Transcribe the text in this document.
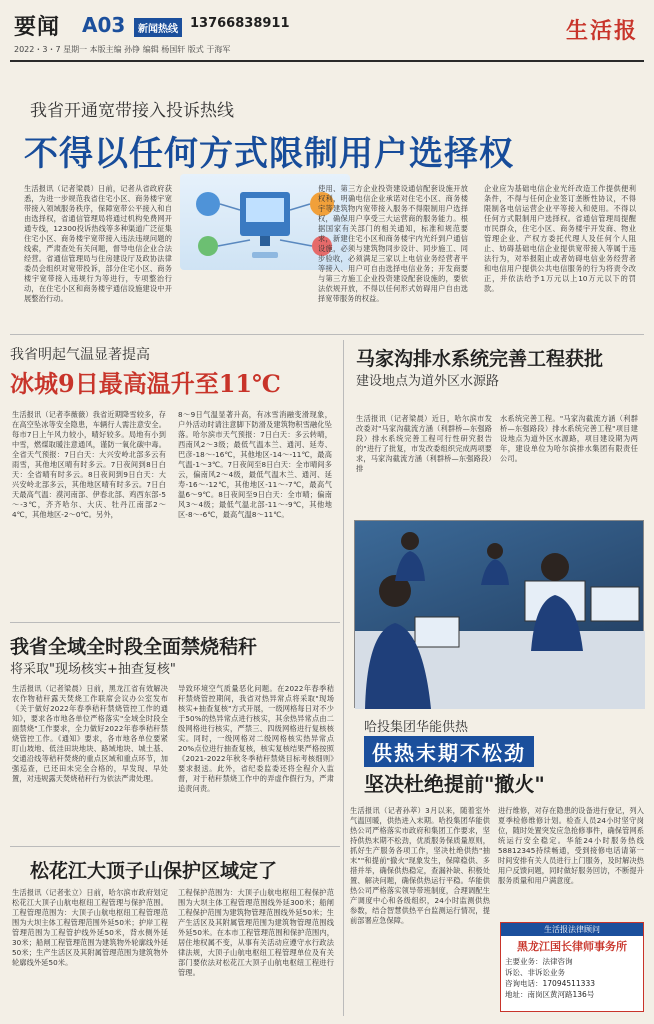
要闻 A03	新闻热线 13766838911
2022・3・7 星期一 本版主编 孙铮 编辑 杨国轩 版式 于海军
生活报
我省开通宽带接入投诉热线
不得以任何方式限制用户选择权
生活报讯（记者梁晨）日前，记者从省政府获悉，为进一步规范我省住宅小区、商务楼宇宽带接入领域服务秩序，保障宽带公平接入和自由选择权，省通信管理局将通过机构免费网开通专线，12300投诉热线等多种渠道广泛征集住宅小区、商务楼宇宽带接入违法违规问题的线索，严肃查处有关问题，督导电信企业合法经营。省通信管理局与住房建设厅及政协法律委员会组织对宽带投诉，部分住宅小区、商务楼宇宽带接入违规行为等进行，专项整治行动，在住宅小区和商务楼宇通信设施建设中开展整治行动。
使用、第三方企业投资建设通信配套设施开放权利，明确电信企业承诺对住宅小区、商务楼宇等建筑物内宽带接入服务不得限制用户选择权，确保用户享受三大运营商的服务能力。根据国家有关部门的相关通知，标准和规范要求，新建住宅小区和商务楼宇内光纤到户通信设施，必须与建筑物同步设计、同步施工、同步验收，必须满足三家以上电信业务经营者平等接入、用户可自由选择电信业务；开发商要与第三方施工企业投资建设配套设施的，要依法依规开放，不得以任何形式妨碍用户自由选择宽带服务的权益。
企业应为基础电信企业光纤改造工作提供便利条件，不得与任何企业签订垄断性协议，不得限制各电信运营企业平等接入和使用。不得以任何方式限制用户选择权。省通信管理局提醒市民群众，住宅小区、商务楼宇开发商、物业管理企业、产权方委托代理人及任何个人阻止、妨碍基础电信企业提供宽带接入等属于违法行为，对举报阻止或者妨碍电信业务经营者和电信用户提供公共电信服务的行为将责令改正，并依法给予1万元以上10万元以下的罚款。
我省明起气温显著提高
冰城9日最高温升至11℃
生活报讯（记者李薇薇）我省近期降雪较多，存在高空坠冰等安全隐患，车辆行人需注意安全。每市7日上午风力较小，晴好较多。局地有小到中雪，燃煤取暖注意通风，谨防一氧化碳中毒。全省天气预报：7日白天：大兴安岭北部多云有雨雪，其他地区晴有时多云。7日夜间到8日白天：全省晴有时多云。8日夜间到9日白天：大兴安岭北部多云，其他地区晴有时多云。7日白天最高气温：漠河南部、伊春北部、鸡西东部-5～-3℃，齐齐哈尔、大庆、牡丹江南部2～4℃，其他地区-2～0℃。另外，
8～9日气温显著升高，有冰雪消融变滑现象，户外活动时请注意脚下防滑及建筑物积雪融化坠落。哈尔滨市天气预报：7日白天：多云转晴，西南风2～3级；最低气温本兰、通河、延寿、巴彦-18～-16℃，其他地区-14～-11℃，最高气温-1～3℃。7日夜间至8日白天：全市晴间多云，偏南风2～4级，最低气温木兰、通河、延寿-16～-12℃，其他地区-11～-7℃，最高气温6～9℃。8日夜间至9日白天：全市晴；偏南风3～4级；最低气温北部-11～-9℃，其他地区-8～-6℃，最高气温8～11℃。
马家沟排水系统完善工程获批
建设地点为道外区水源路
生活报讯（记者梁晨）近日，哈尔滨市发改委对"马家沟截流方涵（利群桥—东强路段）排水系统完善工程可行性研究报告的"进行了批复，市发改委组织完成两项要求，马家沟截流方涵（利群桥—东强路段）排
水系统完善工程。"马家沟截流方涵（利群桥—东强路段）排水系统完善工程"项目建设地点为道外区水源路，项目建设期为两年，建设单位为哈尔滨排水集团有限责任公司。
哈投集团华能供热
供热末期不松劲
坚决杜绝提前"撤火"
生活报讯（记者孙萃）3月以来，随着室外气温回暖，供热进入末期。哈投集团华能供热公司严格落实市政府和集团工作要求，坚持供热末期不松劲，优质服务保质量原则，抓好生产服务各项工作，坚决杜绝供热"抽末""和提前"撤火"现象发生，保障稳供、多措并举，确保供热稳定，查漏补缺、积极处置、解决问题，确保供热运行平稳。华能供热公司严格落实领导带班制度，合理调配生产调度中心和各级组织，24小时监测供热参数，结合智慧供热平台监测运行情况，提前部署应急保障。
进行维修，对存在隐患的设备进行登记，列入夏季检修维修计划。检查人员24小时坚守岗位，随时处置突发应急抢修事件，确保管网系统运行安全稳定。华能24小时服务热线58812345持续畅通，受到接修电话请第一时间安排有关人员进行上门服务，及时解决热用户反馈问题，同时做好服务回访，不断提升服务质量和用户满意度。
生活报法律顾问
黑龙江国长律师事务所
主要业务：法律咨询
诉讼、非诉讼业务
咨询电话：17094511333
地址：南岗区黄河路136号
我省全域全时段全面禁烧秸秆
将采取"现场核实+抽查复核"
生活报讯（记者梁晨）日前，黑龙江省有效解决农作物秸秆露天焚烧工作联席会议办公室发布《关于做好2022年春季秸秆禁烧管控工作的通知》，要求各市地各单位严格落实"全域全时段全面禁烧"工作要求，全力做好2022年春季秸秆禁烧管控工作。《通知》要求，各市地各单位要紧盯山坡地、低洼田块地块、路域地块、城土基、交通沿线等秸秆焚烧的重点区域和重点环节，加强巡查，已还田未完全合格的，早发现、早处置，对违规露天焚烧秸秆行为依法严肃处理。
导致环境空气质量恶化问题。在2022年春季秸秆禁烧管控期间，我省对热异常点将采取"现场核实+抽查复核"方式开展，一级网格每日对不少于50%的热异常点进行核实，其余热异常点由二级网格进行核实，严禁三、四级网格进行复核核实。同时，一级网格对二级网格核实热异常点20%点位进行抽查复核，核实复核结果严格按照《2021-2022年秋冬季秸秆禁烧目标考核细则》要求报送。此外，省纪委监委还将全程介入监督，对于秸秆禁烧工作中的弄虚作假行为，严肃追责问责。
松花江大顶子山保护区域定了
生活报讯（记者张立）日前，哈尔滨市政府划定松花江大顶子山航电枢纽工程管理与保护范围。工程管理范围为：大顶子山航电枢纽工程管理范围为大坝主体工程管理范围外延50米；护岸工程管理范围为工程管护线外延50米，背水侧外延30米；船闸工程管理范围为建筑物外轮廓线外延50米；生产生活区及其附属管理范围为建筑物外轮廓线外延50米。
工程保护范围为：大顶子山航电枢纽工程保护范围为大坝主体工程管理范围线外延300米；船闸工程保护范围为建筑物管理范围线外延50米；生产生活区及其附属管理范围为建筑物管理范围线外延50米。在本市工程管理范围和保护范围内，居住地权属不变，从事有关活动应遵守水行政法律法规，大顶子山航电枢纽工程管理单位及有关部门要依法对松花江大顶子山航电枢纽工程进行管理。
